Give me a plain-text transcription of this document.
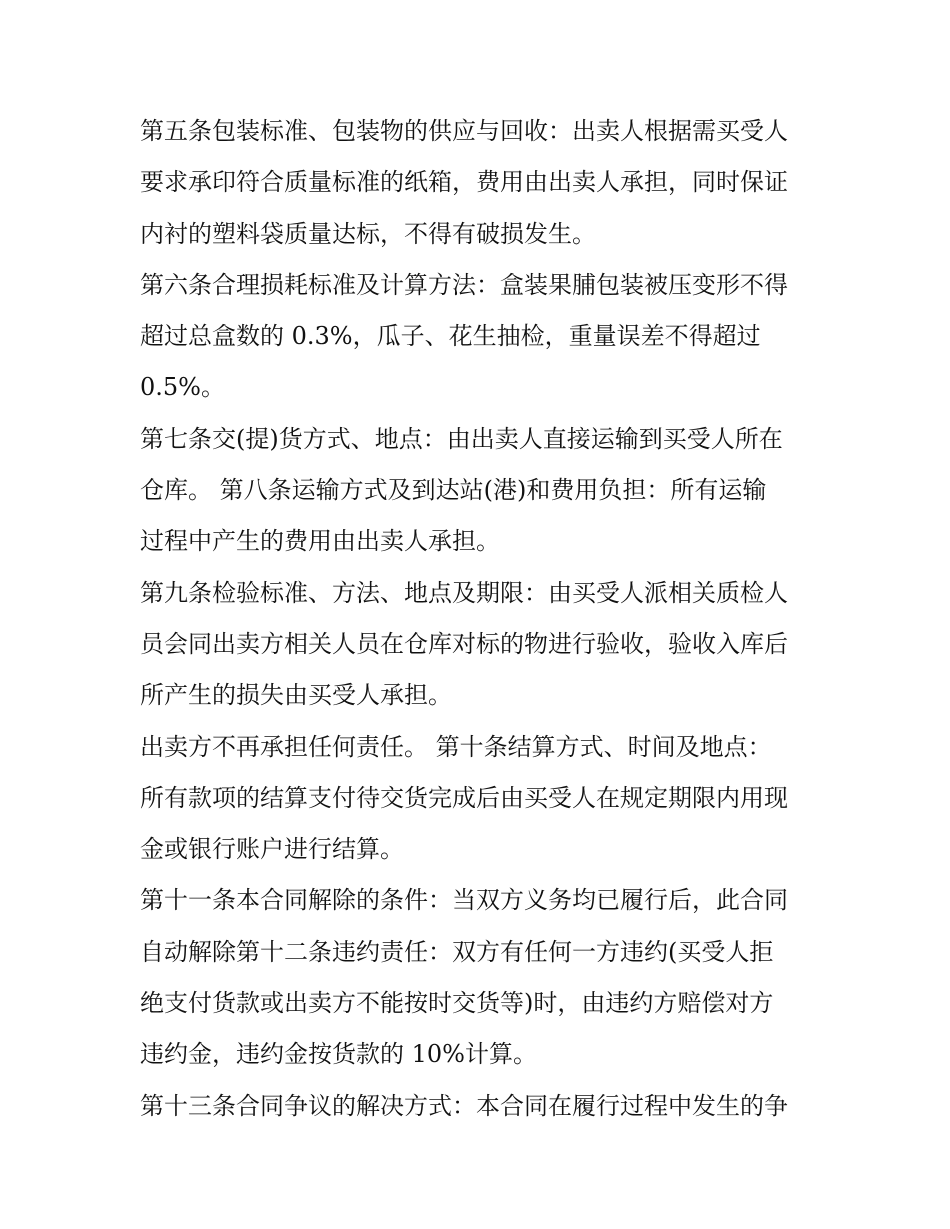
第五条包装标准、包装物的供应与回收：出卖人根据需买受人
要求承印符合质量标准的纸箱，费用由出卖人承担，同时保证
内衬的塑料袋质量达标，不得有破损发生。

第六条合理损耗标准及计算方法：盒装果脯包装被压变形不得
超过总盒数的 0.3%，瓜子、花生抽检，重量误差不得超过
0.5%。

第七条交(提)货方式、地点：由出卖人直接运输到买受人所在
仓库。 第八条运输方式及到达站(港)和费用负担：所有运输
过程中产生的费用由出卖人承担。

第九条检验标准、方法、地点及期限：由买受人派相关质检人
员会同出卖方相关人员在仓库对标的物进行验收，验收入库后
所产生的损失由买受人承担。

出卖方不再承担任何责任。 第十条结算方式、时间及地点：
所有款项的结算支付待交货完成后由买受人在规定期限内用现
金或银行账户进行结算。

第十一条本合同解除的条件：当双方义务均已履行后，此合同
自动解除第十二条违约责任：双方有任何一方违约(买受人拒
绝支付货款或出卖方不能按时交货等)时，由违约方赔偿对方
违约金，违约金按货款的 10%计算。

第十三条合同争议的解决方式：本合同在履行过程中发生的争
